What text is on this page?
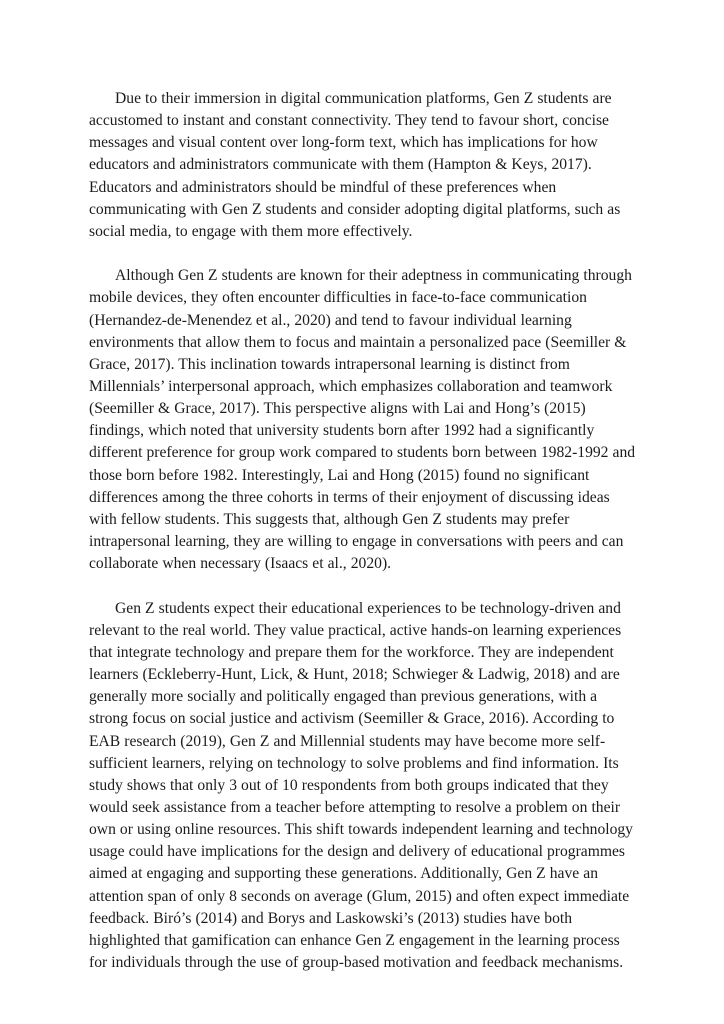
Due to their immersion in digital communication platforms, Gen Z students are accustomed to instant and constant connectivity. They tend to favour short, concise messages and visual content over long-form text, which has implications for how educators and administrators communicate with them (Hampton & Keys, 2017). Educators and administrators should be mindful of these preferences when communicating with Gen Z students and consider adopting digital platforms, such as social media, to engage with them more effectively.

Although Gen Z students are known for their adeptness in communicating through mobile devices, they often encounter difficulties in face-to-face communication (Hernandez-de-Menendez et al., 2020) and tend to favour individual learning environments that allow them to focus and maintain a personalized pace (Seemiller & Grace, 2017). This inclination towards intrapersonal learning is distinct from Millennials’ interpersonal approach, which emphasizes collaboration and teamwork (Seemiller & Grace, 2017). This perspective aligns with Lai and Hong’s (2015) findings, which noted that university students born after 1992 had a significantly different preference for group work compared to students born between 1982-1992 and those born before 1982. Interestingly, Lai and Hong (2015) found no significant differences among the three cohorts in terms of their enjoyment of discussing ideas with fellow students. This suggests that, although Gen Z students may prefer intrapersonal learning, they are willing to engage in conversations with peers and can collaborate when necessary (Isaacs et al., 2020).

Gen Z students expect their educational experiences to be technology-driven and relevant to the real world. They value practical, active hands-on learning experiences that integrate technology and prepare them for the workforce. They are independent learners (Eckleberry-Hunt, Lick, & Hunt, 2018; Schwieger & Ladwig, 2018) and are generally more socially and politically engaged than previous generations, with a strong focus on social justice and activism (Seemiller & Grace, 2016). According to EAB research (2019), Gen Z and Millennial students may have become more self-sufficient learners, relying on technology to solve problems and find information. Its study shows that only 3 out of 10 respondents from both groups indicated that they would seek assistance from a teacher before attempting to resolve a problem on their own or using online resources. This shift towards independent learning and technology usage could have implications for the design and delivery of educational programmes aimed at engaging and supporting these generations. Additionally, Gen Z have an attention span of only 8 seconds on average (Glum, 2015) and often expect immediate feedback. Biró’s (2014) and Borys and Laskowski’s (2013) studies have both highlighted that gamification can enhance Gen Z engagement in the learning process for individuals through the use of group-based motivation and feedback mechanisms.
